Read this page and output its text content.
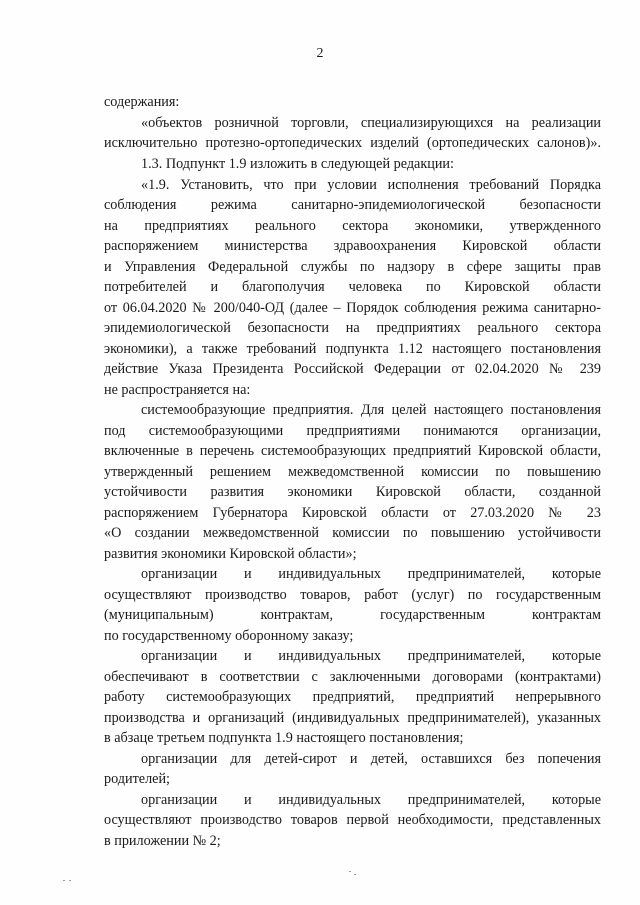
2
содержания:
«объектов розничной торговли, специализирующихся на реализации
исключительно протезно-ортопедических изделий (ортопедических салонов)».
1.3. Подпункт 1.9 изложить в следующей редакции:
«1.9. Установить, что при условии исполнения требований Порядка
соблюдения режима санитарно-эпидемиологической безопасности
на предприятиях реального сектора экономики, утвержденного
распоряжением министерства здравоохранения Кировской области
и Управления Федеральной службы по надзору в сфере защиты прав
потребителей и благополучия человека по Кировской области
от 06.04.2020 № 200/040-ОД (далее – Порядок соблюдения режима санитарно-
эпидемиологической безопасности на предприятиях реального сектора
экономики), а также требований подпункта 1.12 настоящего постановления
действие Указа Президента Российской Федерации от 02.04.2020 № 239
не распространяется на:
системообразующие предприятия. Для целей настоящего постановления
под системообразующими предприятиями понимаются организации,
включенные в перечень системообразующих предприятий Кировской области,
утвержденный решением межведомственной комиссии по повышению
устойчивости развития экономики Кировской области, созданной
распоряжением Губернатора Кировской области от 27.03.2020 № 23
«О создании межведомственной комиссии по повышению устойчивости
развития экономики Кировской области»;
организации и индивидуальных предпринимателей, которые
осуществляют производство товаров, работ (услуг) по государственным
(муниципальным) контрактам, государственным контрактам
по государственному оборонному заказу;
организации и индивидуальных предпринимателей, которые
обеспечивают в соответствии с заключенными договорами (контрактами)
работу системообразующих предприятий, предприятий непрерывного
производства и организаций (индивидуальных предпринимателей), указанных
в абзаце третьем подпункта 1.9 настоящего постановления;
организации для детей-сирот и детей, оставшихся без попечения
родителей;
организации и индивидуальных предпринимателей, которые
осуществляют производство товаров первой необходимости, представленных
в приложении № 2;
